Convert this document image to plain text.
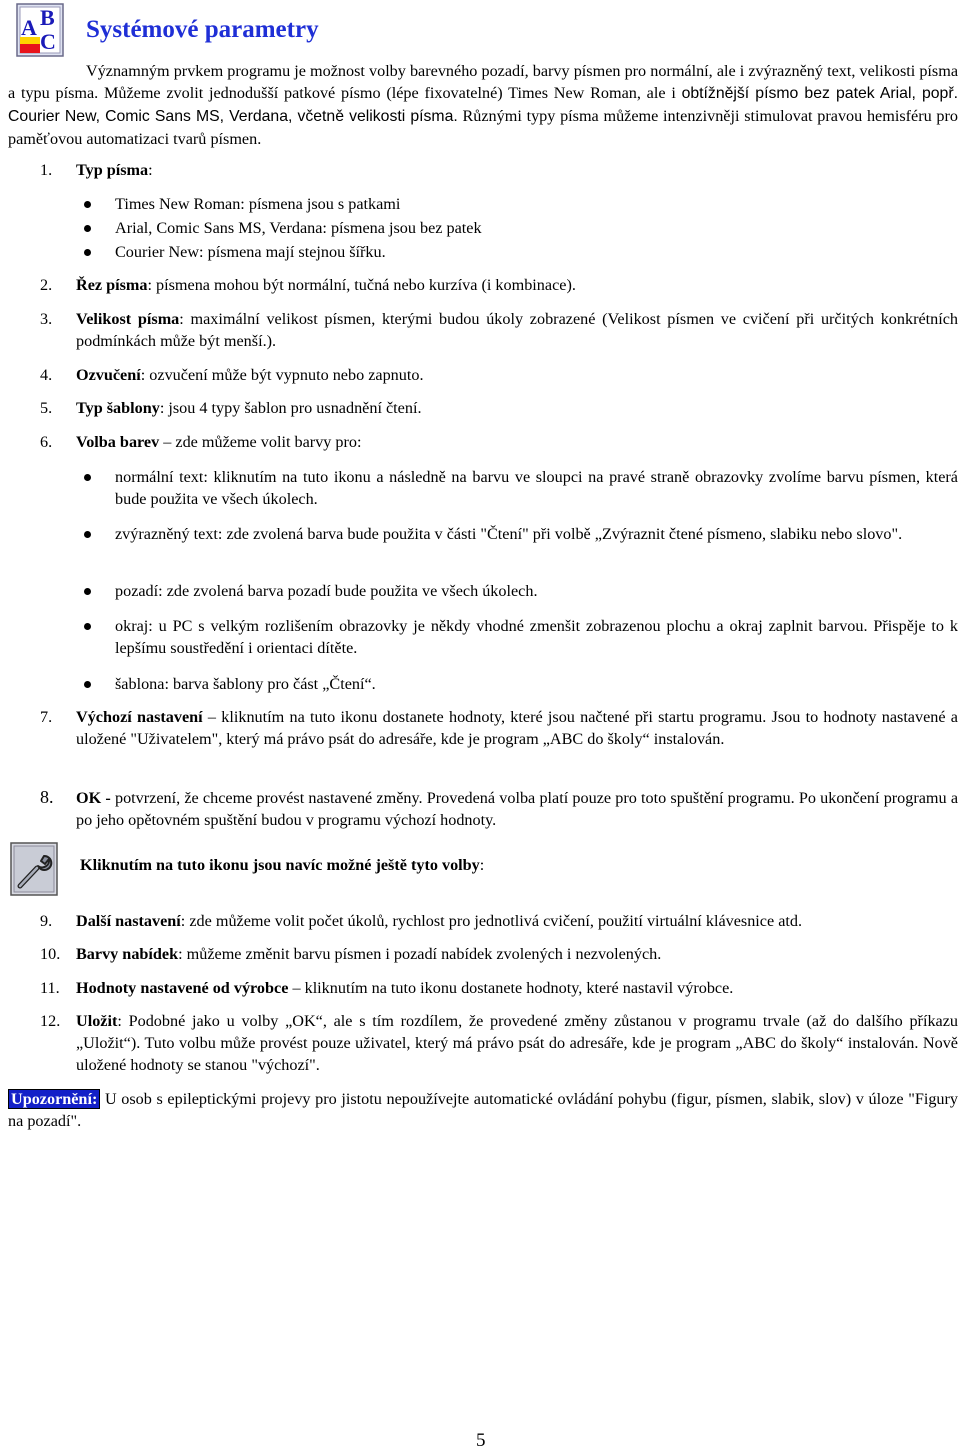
A B
C Systémové parametry
Významným prvkem programu je možnost volby barevného pozadí, barvy písmen pro normální, ale i zvýrazněný text, velikosti písma a typu písma. Můžeme zvolit jednodušší patkové písmo (lépe fixovatelné) Times New Roman, ale i obtížnější písmo bez patek Arial, popř. Courier New, Comic Sans MS, Verdana, včetně velikosti písma. Různými typy písma můžeme intenzivněji stimulovat pravou hemisféru pro paměťovou automatizaci tvarů písmen.
1. Typ písma:
Times New Roman: písmena jsou s patkami
Arial, Comic Sans MS, Verdana: písmena jsou bez patek
Courier New: písmena mají stejnou šířku.
2. Řez písma: písmena mohou být normální, tučná nebo kurzíva (i kombinace).
3. Velikost písma: maximální velikost písmen, kterými budou úkoly zobrazené (Velikost písmen ve cvičení při určitých konkrétních podmínkách může být menší.).
4. Ozvučení: ozvučení může být vypnuto nebo zapnuto.
5. Typ šablony: jsou 4 typy šablon pro usnadnění čtení.
6. Volba barev – zde můžeme volit barvy pro:
normální text: kliknutím na tuto ikonu a následně na barvu ve sloupci na pravé straně obrazovky zvolíme barvu písmen, která bude použita ve všech úkolech.
zvýrazněný text: zde zvolená barva bude použita v části "Čtení" při volbě „Zvýraznit čtené písmeno, slabiku nebo slovo".
pozadí: zde zvolená barva pozadí bude použita ve všech úkolech.
okraj: u PC s velkým rozlišením obrazovky je někdy vhodné zmenšit zobrazenou plochu a okraj zaplnit barvou. Přispěje to k lepšímu soustředění i orientaci dítěte.
šablona: barva šablony pro část „Čtení“.
7. Výchozí nastavení – kliknutím na tuto ikonu dostanete hodnoty, které jsou načtené při startu programu. Jsou to hodnoty nastavené a uložené "Uživatelem", který má právo psát do adresáře, kde je program „ABC do školy“ instalován.
8. OK - potvrzení, že chceme provést nastavené změny. Provedená volba platí pouze pro toto spuštění programu. Po ukončení programu a po jeho opětovném spuštění budou v programu výchozí hodnoty.
Kliknutím na tuto ikonu jsou navíc možné ještě tyto volby:
9. Další nastavení: zde můžeme volit počet úkolů, rychlost pro jednotlivá cvičení, použití virtuální klávesnice atd.
10. Barvy nabídek: můžeme změnit barvu písmen i pozadí nabídek zvolených i nezvolených.
11. Hodnoty nastavené od výrobce – kliknutím na tuto ikonu dostanete hodnoty, které nastavil výrobce.
12. Uložit: Podobné jako u volby „OK“, ale s tím rozdílem, že provedené změny zůstanou v programu trvale (až do dalšího příkazu „Uložit“). Tuto volbu může provést pouze uživatel, který má právo psát do adresáře, kde je program „ABC do školy“ instalován. Nově uložené hodnoty se stanou "výchozí".
Upozornění: U osob s epileptickými projevy pro jistotu nepoužívejte automatické ovládání pohybu (figur, písmen, slabik, slov) v úloze "Figury na pozadí".
5
